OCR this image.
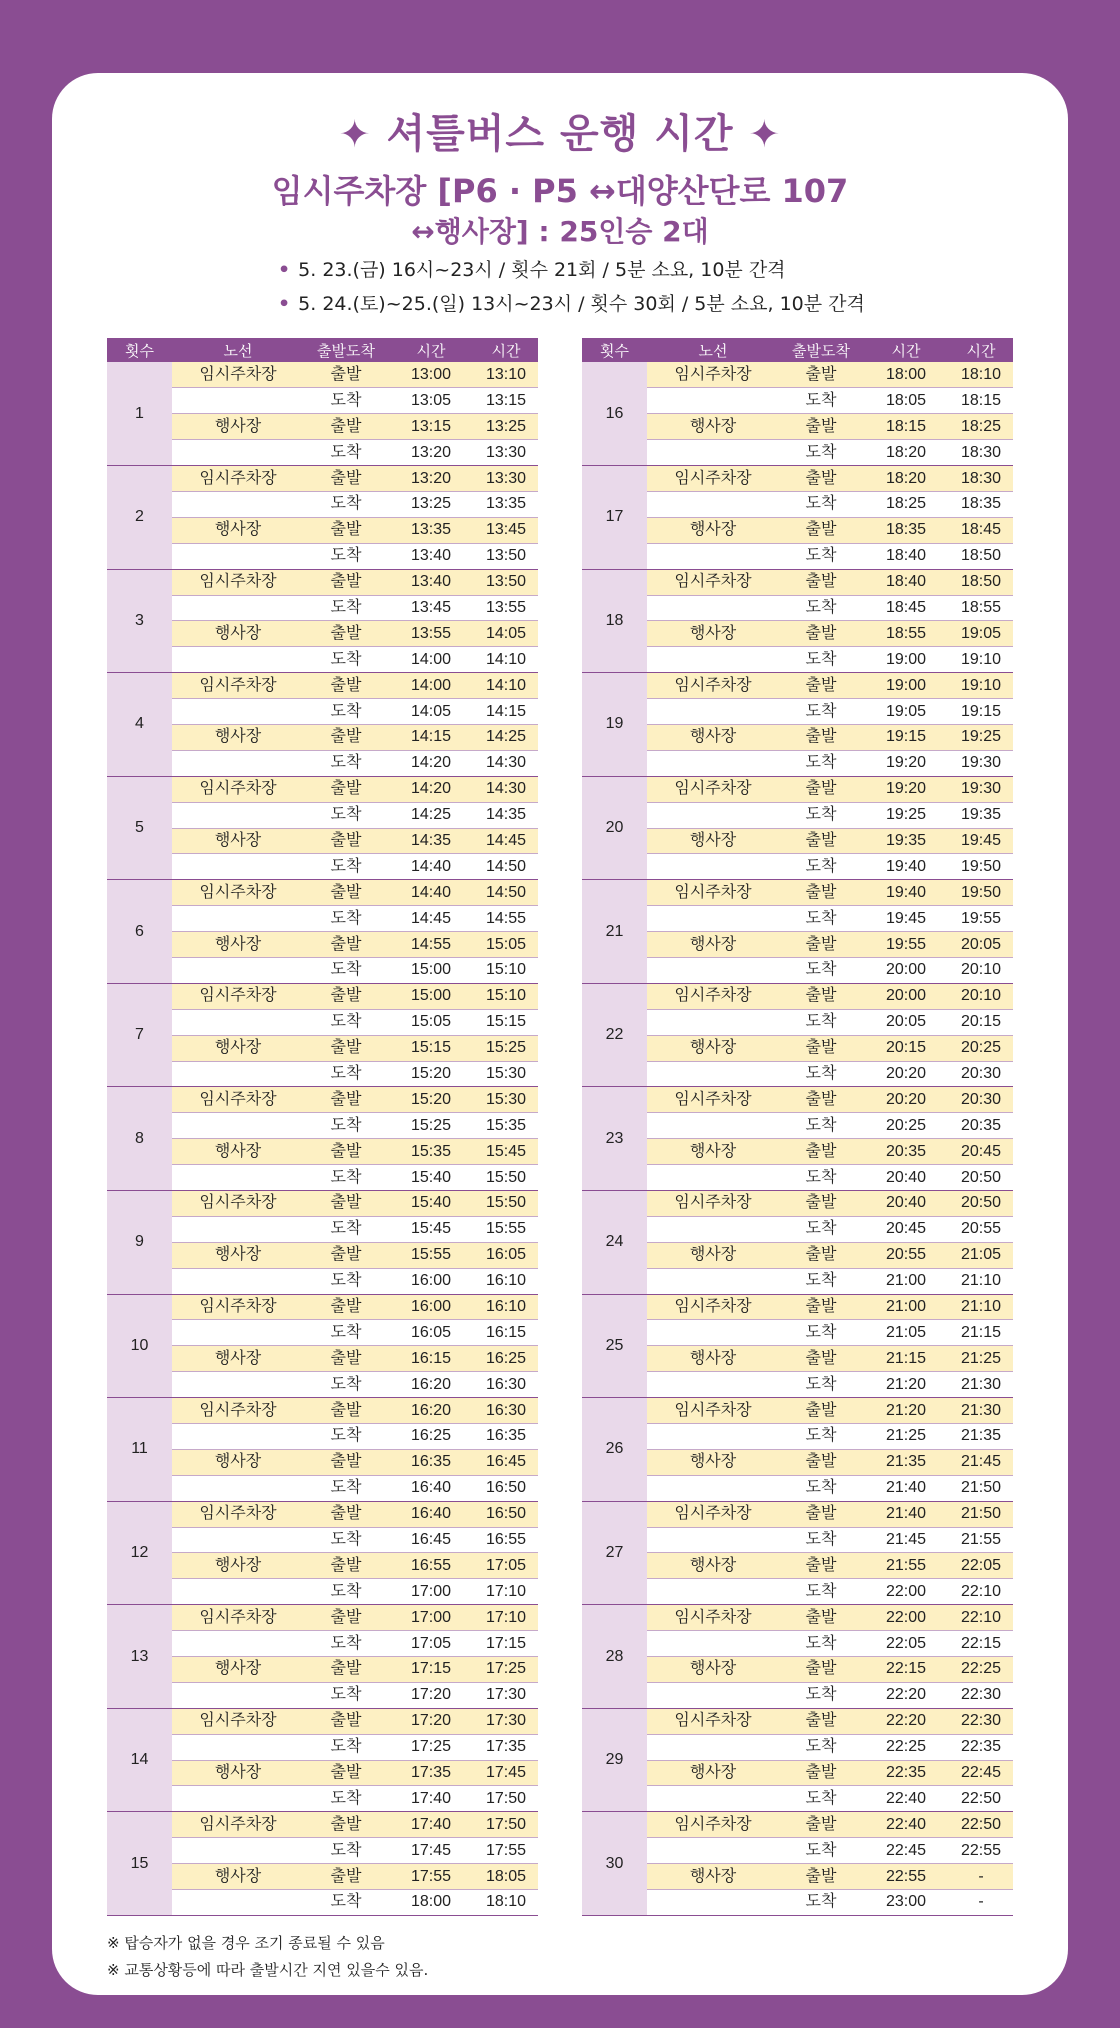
✦ 셔틀버스 운행 시간 ✦
임시주차장 [P6 · P5 ↔대양산단로 107
↔행사장] : 25인승 2대
• 5. 23.(금) 16시~23시 / 횟수 21회 / 5분 소요, 10분 간격
• 5. 24.(토)~25.(일) 13시~23시 / 횟수 30회 / 5분 소요, 10분 간격
횟수	노선	출발도착	시간	시간
1	임시주차장	출발	13:00	13:10
		도착	13:05	13:15
	행사장	출발	13:15	13:25
		도착	13:20	13:30
2	임시주차장	출발	13:20	13:30
		도착	13:25	13:35
	행사장	출발	13:35	13:45
		도착	13:40	13:50
3	임시주차장	출발	13:40	13:50
		도착	13:45	13:55
	행사장	출발	13:55	14:05
		도착	14:00	14:10
4	임시주차장	출발	14:00	14:10
		도착	14:05	14:15
	행사장	출발	14:15	14:25
		도착	14:20	14:30
5	임시주차장	출발	14:20	14:30
		도착	14:25	14:35
	행사장	출발	14:35	14:45
		도착	14:40	14:50
6	임시주차장	출발	14:40	14:50
		도착	14:45	14:55
	행사장	출발	14:55	15:05
		도착	15:00	15:10
7	임시주차장	출발	15:00	15:10
		도착	15:05	15:15
	행사장	출발	15:15	15:25
		도착	15:20	15:30
8	임시주차장	출발	15:20	15:30
		도착	15:25	15:35
	행사장	출발	15:35	15:45
		도착	15:40	15:50
9	임시주차장	출발	15:40	15:50
		도착	15:45	15:55
	행사장	출발	15:55	16:05
		도착	16:00	16:10
10	임시주차장	출발	16:00	16:10
		도착	16:05	16:15
	행사장	출발	16:15	16:25
		도착	16:20	16:30
11	임시주차장	출발	16:20	16:30
		도착	16:25	16:35
	행사장	출발	16:35	16:45
		도착	16:40	16:50
12	임시주차장	출발	16:40	16:50
		도착	16:45	16:55
	행사장	출발	16:55	17:05
		도착	17:00	17:10
13	임시주차장	출발	17:00	17:10
		도착	17:05	17:15
	행사장	출발	17:15	17:25
		도착	17:20	17:30
14	임시주차장	출발	17:20	17:30
		도착	17:25	17:35
	행사장	출발	17:35	17:45
		도착	17:40	17:50
15	임시주차장	출발	17:40	17:50
		도착	17:45	17:55
	행사장	출발	17:55	18:05
		도착	18:00	18:10
횟수	노선	출발도착	시간	시간
16	임시주차장	출발	18:00	18:10
		도착	18:05	18:15
	행사장	출발	18:15	18:25
		도착	18:20	18:30
17	임시주차장	출발	18:20	18:30
		도착	18:25	18:35
	행사장	출발	18:35	18:45
		도착	18:40	18:50
18	임시주차장	출발	18:40	18:50
		도착	18:45	18:55
	행사장	출발	18:55	19:05
		도착	19:00	19:10
19	임시주차장	출발	19:00	19:10
		도착	19:05	19:15
	행사장	출발	19:15	19:25
		도착	19:20	19:30
20	임시주차장	출발	19:20	19:30
		도착	19:25	19:35
	행사장	출발	19:35	19:45
		도착	19:40	19:50
21	임시주차장	출발	19:40	19:50
		도착	19:45	19:55
	행사장	출발	19:55	20:05
		도착	20:00	20:10
22	임시주차장	출발	20:00	20:10
		도착	20:05	20:15
	행사장	출발	20:15	20:25
		도착	20:20	20:30
23	임시주차장	출발	20:20	20:30
		도착	20:25	20:35
	행사장	출발	20:35	20:45
		도착	20:40	20:50
24	임시주차장	출발	20:40	20:50
		도착	20:45	20:55
	행사장	출발	20:55	21:05
		도착	21:00	21:10
25	임시주차장	출발	21:00	21:10
		도착	21:05	21:15
	행사장	출발	21:15	21:25
		도착	21:20	21:30
26	임시주차장	출발	21:20	21:30
		도착	21:25	21:35
	행사장	출발	21:35	21:45
		도착	21:40	21:50
27	임시주차장	출발	21:40	21:50
		도착	21:45	21:55
	행사장	출발	21:55	22:05
		도착	22:00	22:10
28	임시주차장	출발	22:00	22:10
		도착	22:05	22:15
	행사장	출발	22:15	22:25
		도착	22:20	22:30
29	임시주차장	출발	22:20	22:30
		도착	22:25	22:35
	행사장	출발	22:35	22:45
		도착	22:40	22:50
30	임시주차장	출발	22:40	22:50
		도착	22:45	22:55
	행사장	출발	22:55	-
		도착	23:00	-
※ 탑승자가 없을 경우 조기 종료될 수 있음
※ 교통상황등에 따라 출발시간 지연 있을수 있음.
